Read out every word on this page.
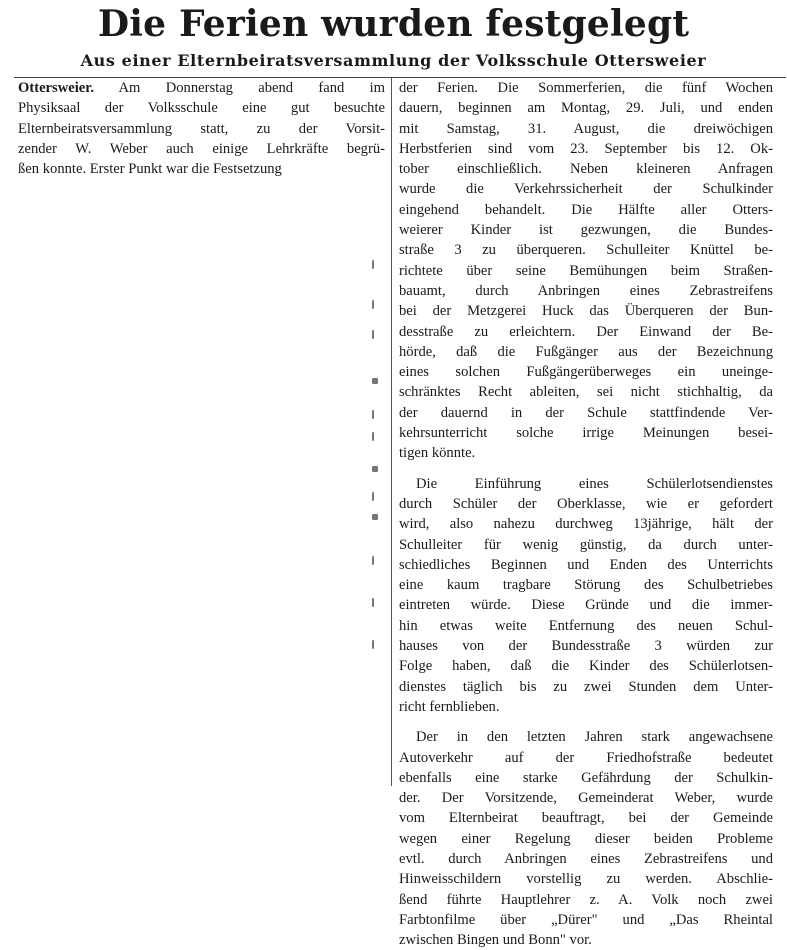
Die Ferien wurden festgelegt
Aus einer Elternbeiratsversammlung der Volksschule Ottersweier

Ottersweier. Am Donnerstag abend fand im

Physiksaal der Volksschule eine gut besuchte

Elternbeiratsversammlung statt, zu der Vorsit-

zender W. Weber auch einige Lehrkräfte begrü-

ßen konnte. Erster Punkt war die Festsetzung

der Ferien. Die Sommerferien, die fünf Wochen

dauern, beginnen am Montag, 29. Juli, und enden

mit Samstag, 31. August, die dreiwöchigen

Herbstferien sind vom 23. September bis 12. Ok-

tober einschließlich. Neben kleineren Anfragen

wurde die Verkehrssicherheit der Schulkinder

eingehend behandelt. Die Hälfte aller Otters-

weierer Kinder ist gezwungen, die Bundes-

straße 3 zu überqueren. Schulleiter Knüttel be-

richtete über seine Bemühungen beim Straßen-

bauamt, durch Anbringen eines Zebrastreifens

bei der Metzgerei Huck das Überqueren der Bun-

desstraße zu erleichtern. Der Einwand der Be-

hörde, daß die Fußgänger aus der Bezeichnung

eines solchen Fußgängerüberweges ein uneinge-

schränktes Recht ableiten, sei nicht stichhaltig, da

der dauernd in der Schule stattfindende Ver-

kehrsunterricht solche irrige Meinungen besei-

tigen könnte.

Die Einführung eines Schülerlotsendienstes

durch Schüler der Oberklasse, wie er gefordert

wird, also nahezu durchweg 13jährige, hält der

Schulleiter für wenig günstig, da durch unter-

schiedliches Beginnen und Enden des Unterrichts

eine kaum tragbare Störung des Schulbetriebes

eintreten würde. Diese Gründe und die immer-

hin etwas weite Entfernung des neuen Schul-

hauses von der Bundesstraße 3 würden zur

Folge haben, daß die Kinder des Schülerlotsen-

dienstes täglich bis zu zwei Stunden dem Unter-

richt fernblieben.

Der in den letzten Jahren stark angewachsene

Autoverkehr auf der Friedhofstraße bedeutet

ebenfalls eine starke Gefährdung der Schulkin-

der. Der Vorsitzende, Gemeinderat Weber, wurde

vom Elternbeirat beauftragt, bei der Gemeinde

wegen einer Regelung dieser beiden Probleme

evtl. durch Anbringen eines Zebrastreifens und

Hinweisschildern vorstellig zu werden. Abschlie-

ßend führte Hauptlehrer z. A. Volk noch zwei

Farbtonfilme über „Dürer" und „Das Rheintal

zwischen Bingen und Bonn" vor.
